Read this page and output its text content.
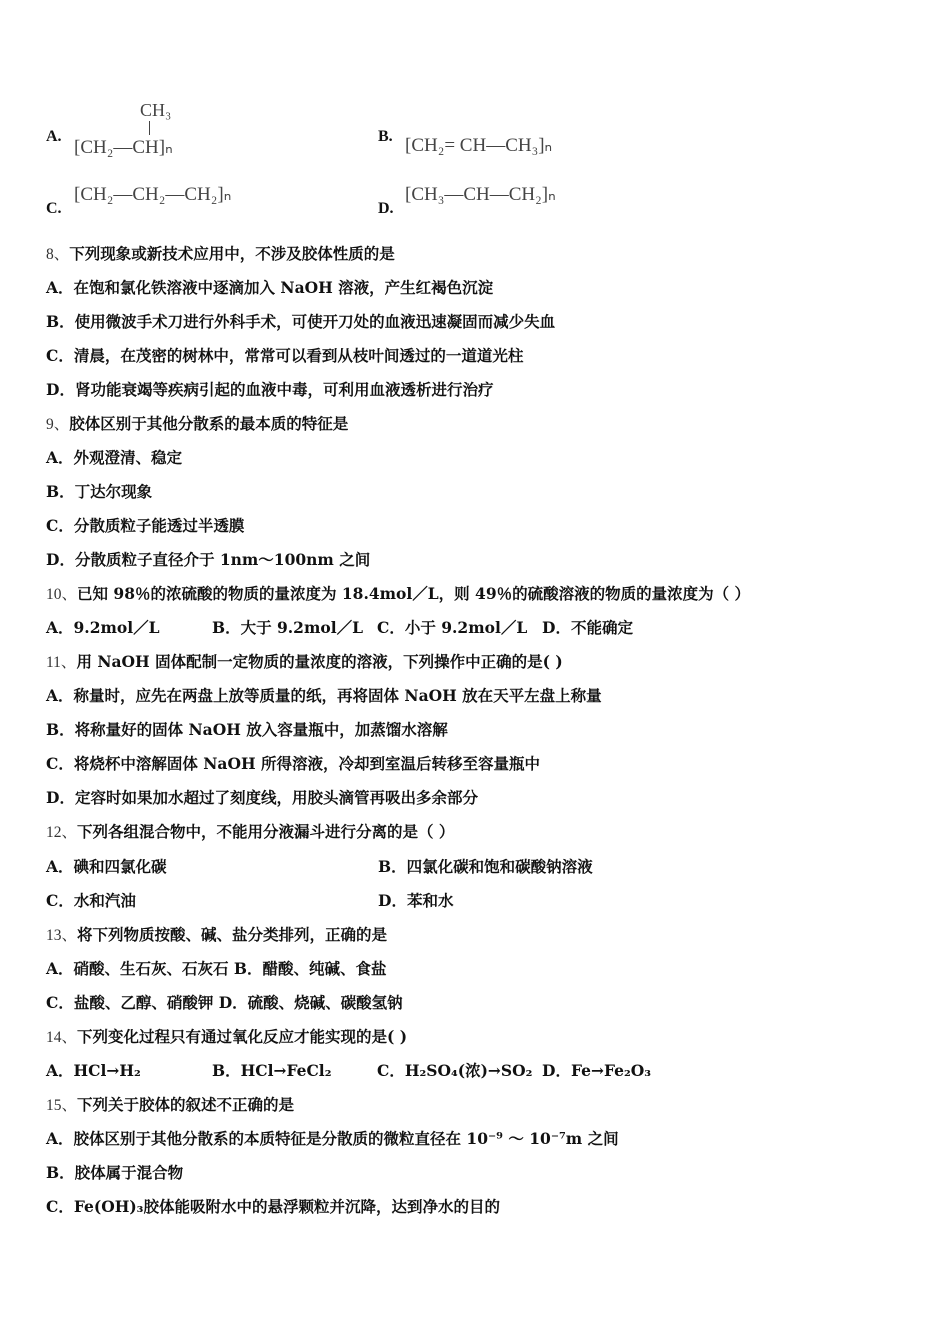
A.
CH₃
[CH₂—CH]ₙ
B. [CH₂= CH—CH₃]ₙ
C.
[CH₂—CH₂—CH₂]ₙ
D.
[CH₃—CH—CH₂]ₙ
8、下列现象或新技术应用中，不涉及胶体性质的是
A．在饱和氯化铁溶液中逐滴加入 NaOH 溶液，产生红褐色沉淀
B．使用微波手术刀进行外科手术，可使开刀处的血液迅速凝固而减少失血
C．清晨，在茂密的树林中，常常可以看到从枝叶间透过的一道道光柱
D．肾功能衰竭等疾病引起的血液中毒，可利用血液透析进行治疗
9、胶体区别于其他分散系的最本质的特征是
A．外观澄清、稳定
B．丁达尔现象
C．分散质粒子能透过半透膜
D．分散质粒子直径介于 1nm～100nm 之间
10、已知 98％的浓硫酸的物质的量浓度为 18.4mol／L，则 49％的硫酸溶液的物质的量浓度为（ ）
A．9.2mol／L	B．大于 9.2mol／L C．小于 9.2mol／L D．不能确定
11、用 NaOH 固体配制一定物质的量浓度的溶液，下列操作中正确的是( )
A．称量时，应先在两盘上放等质量的纸，再将固体 NaOH 放在天平左盘上称量
B．将称量好的固体 NaOH 放入容量瓶中，加蒸馏水溶解
C．将烧杯中溶解固体 NaOH 所得溶液，冷却到室温后转移至容量瓶中
D．定容时如果加水超过了刻度线，用胶头滴管再吸出多余部分
12、下列各组混合物中，不能用分液漏斗进行分离的是（ ）
A．碘和四氯化碳	B．四氯化碳和饱和碳酸钠溶液
C．水和汽油	D．苯和水
13、将下列物质按酸、碱、盐分类排列，正确的是
A．硝酸、生石灰、石灰石 B．醋酸、纯碱、食盐
C．盐酸、乙醇、硝酸钾 D．硫酸、烧碱、碳酸氢钠
14、下列变化过程只有通过氧化反应才能实现的是( )
A．HCl→H₂	B．HCl→FeCl₂	C．H₂SO₄(浓)→SO₂ D．Fe→Fe₂O₃
15、下列关于胶体的叙述不正确的是
A．胶体区别于其他分散系的本质特征是分散质的微粒直径在 10⁻⁹ ～ 10⁻⁷m 之间
B．胶体属于混合物
C．Fe(OH)₃胶体能吸附水中的悬浮颗粒并沉降，达到净水的目的
